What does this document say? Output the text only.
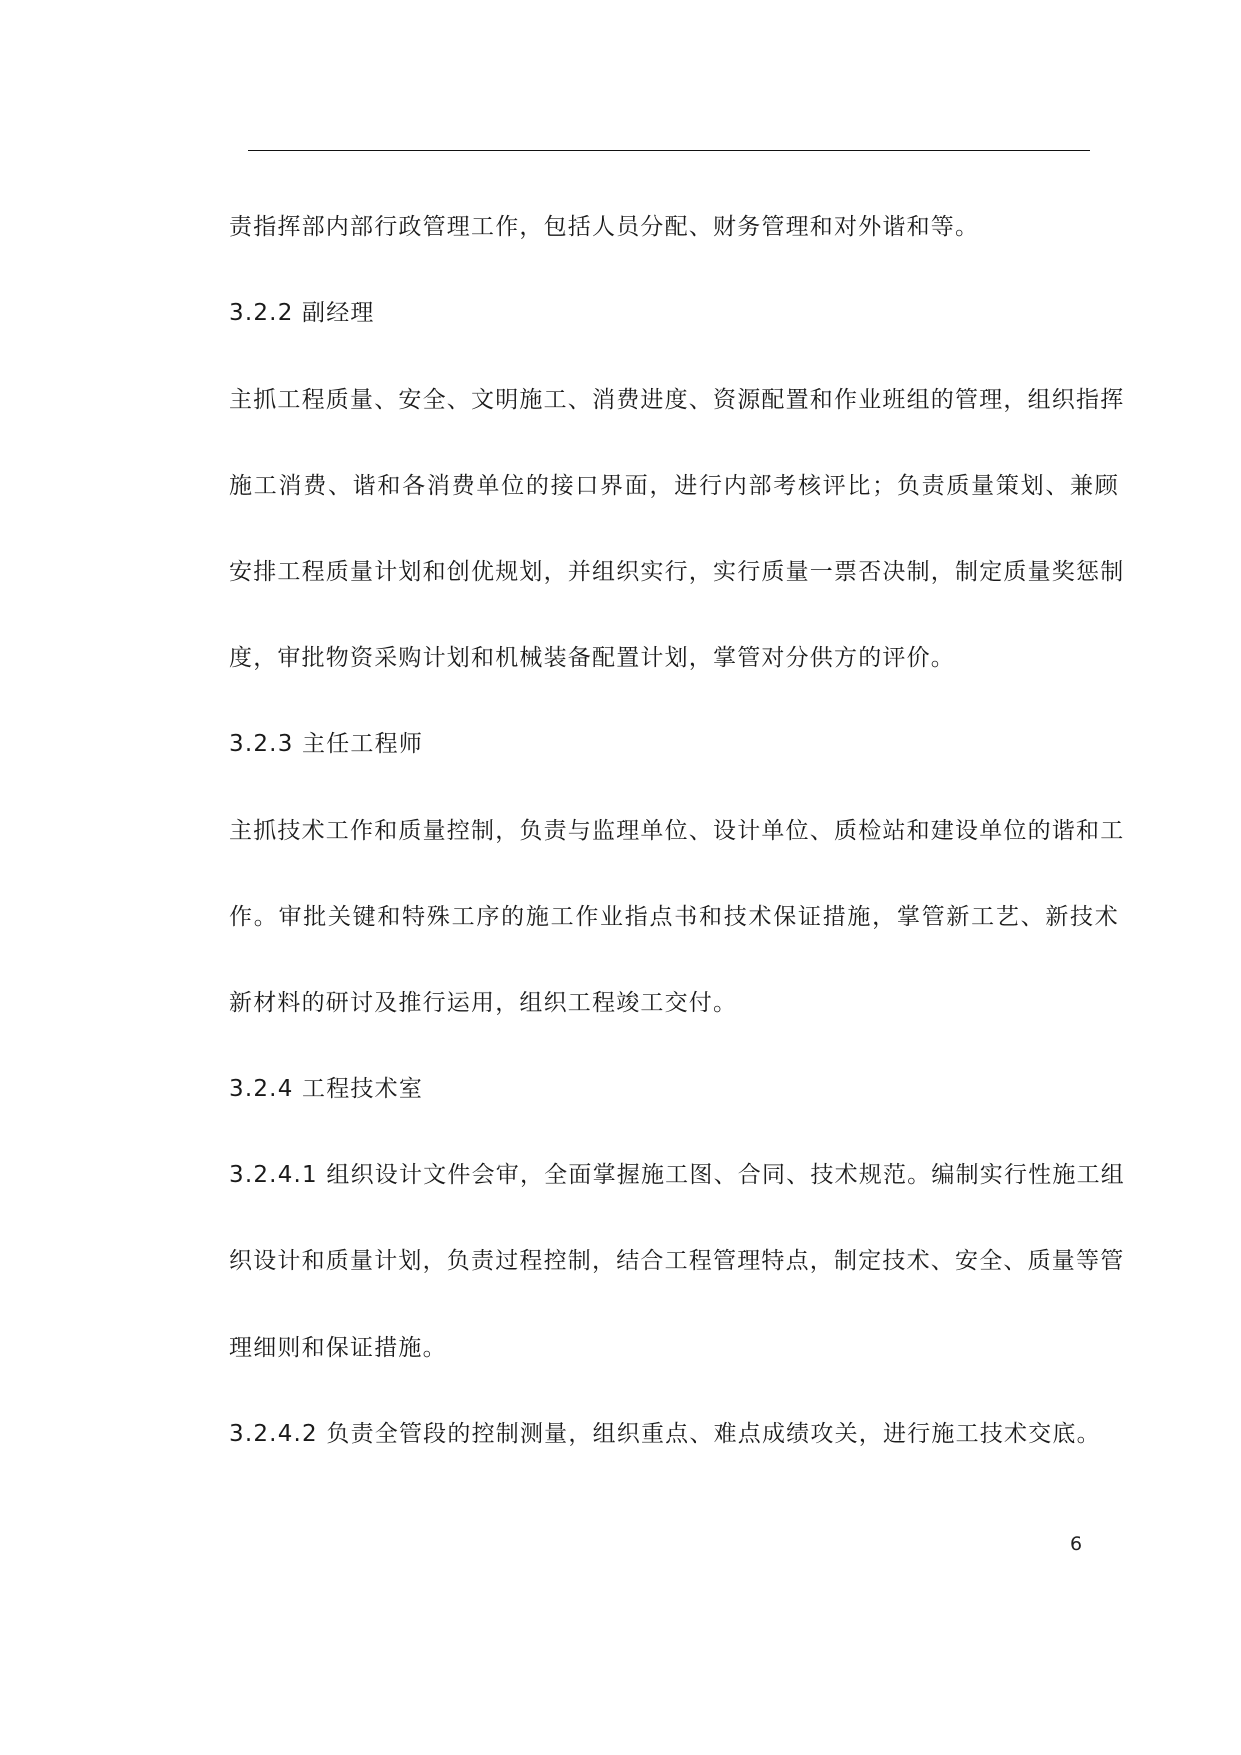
责指挥部内部行政管理工作，包括人员分配、财务管理和对外谐和等。

3.2.2 副经理

主抓工程质量、安全、文明施工、消费进度、资源配置和作业班组的管理，组织指挥

施工消费、谐和各消费单位的接口界面，进行内部考核评比；负责质量策划、兼顾

安排工程质量计划和创优规划，并组织实行，实行质量一票否决制，制定质量奖惩制

度，审批物资采购计划和机械装备配置计划，掌管对分供方的评价。

3.2.3 主任工程师

主抓技术工作和质量控制，负责与监理单位、设计单位、质检站和建设单位的谐和工

作。审批关键和特殊工序的施工作业指点书和技术保证措施，掌管新工艺、新技术

新材料的研讨及推行运用，组织工程竣工交付。

3.2.4 工程技术室

3.2.4.1 组织设计文件会审，全面掌握施工图、合同、技术规范。编制实行性施工组

织设计和质量计划，负责过程控制，结合工程管理特点，制定技术、安全、质量等管

理细则和保证措施。

3.2.4.2 负责全管段的控制测量，组织重点、难点成绩攻关，进行施工技术交底。

6
